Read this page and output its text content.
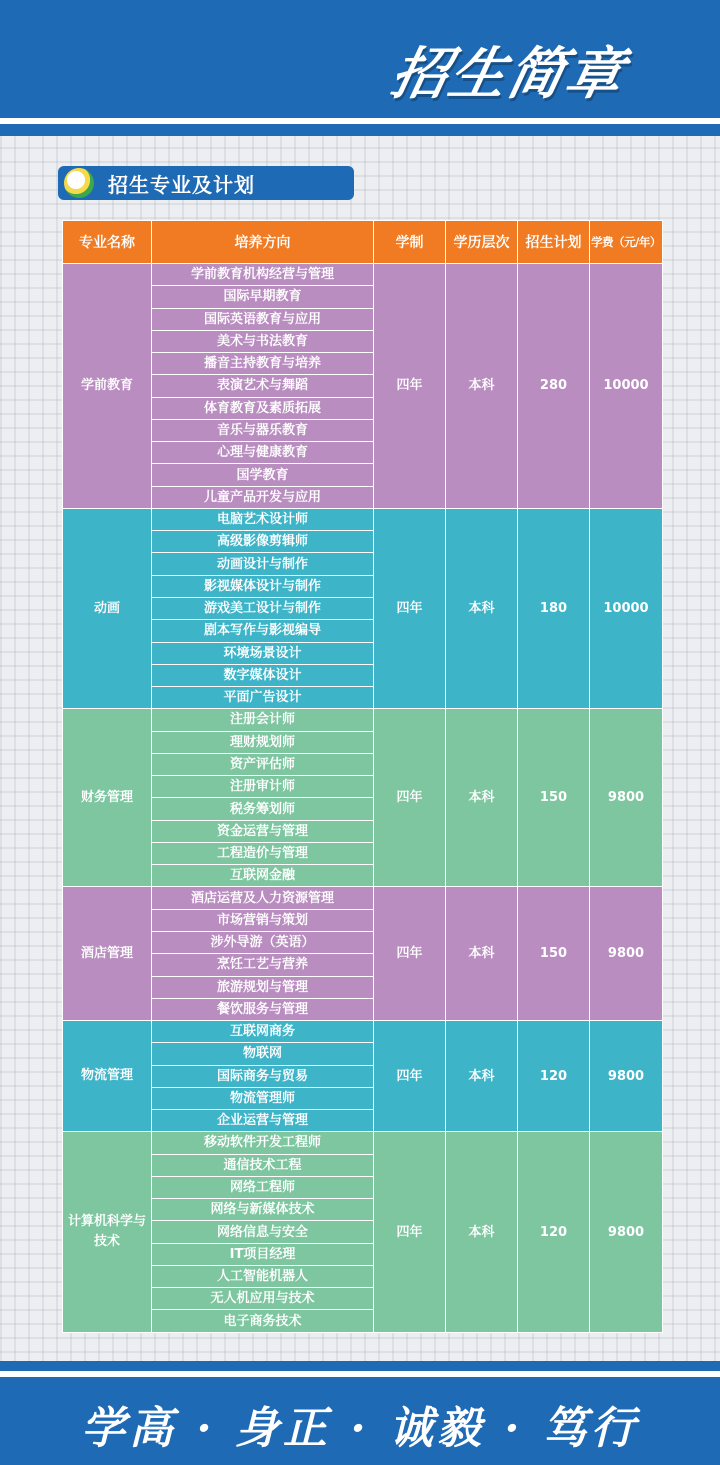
招生简章
招生专业及计划
专业名称	培养方向	学制	学历层次	招生计划	学费（元/年）
学前教育	学前教育机构经营与管理	四年	本科	280	10000
	国际早期教育				
	国际英语教育与应用				
	美术与书法教育				
	播音主持教育与培养				
	表演艺术与舞蹈				
	体育教育及素质拓展				
	音乐与器乐教育				
	心理与健康教育				
	国学教育				
	儿童产品开发与应用				
动画	电脑艺术设计师	四年	本科	180	10000
	高级影像剪辑师				
	动画设计与制作				
	影视媒体设计与制作				
	游戏美工设计与制作				
	剧本写作与影视编导				
	环境场景设计				
	数字媒体设计				
	平面广告设计				
财务管理	注册会计师	四年	本科	150	9800
	理财规划师				
	资产评估师				
	注册审计师				
	税务筹划师				
	资金运营与管理				
	工程造价与管理				
	互联网金融				
酒店管理	酒店运营及人力资源管理	四年	本科	150	9800
	市场营销与策划				
	涉外导游（英语）				
	烹饪工艺与营养				
	旅游规划与管理				
	餐饮服务与管理				
物流管理	互联网商务	四年	本科	120	9800
	物联网				
	国际商务与贸易				
	物流管理师				
	企业运营与管理				
计算机科学与技术	移动软件开发工程师	四年	本科	120	9800
	通信技术工程				
	网络工程师				
	网络与新媒体技术				
	网络信息与安全				
	IT项目经理				
	人工智能机器人				
	无人机应用与技术				
	电子商务技术				
学高 · 身正 · 诚毅 · 笃行
